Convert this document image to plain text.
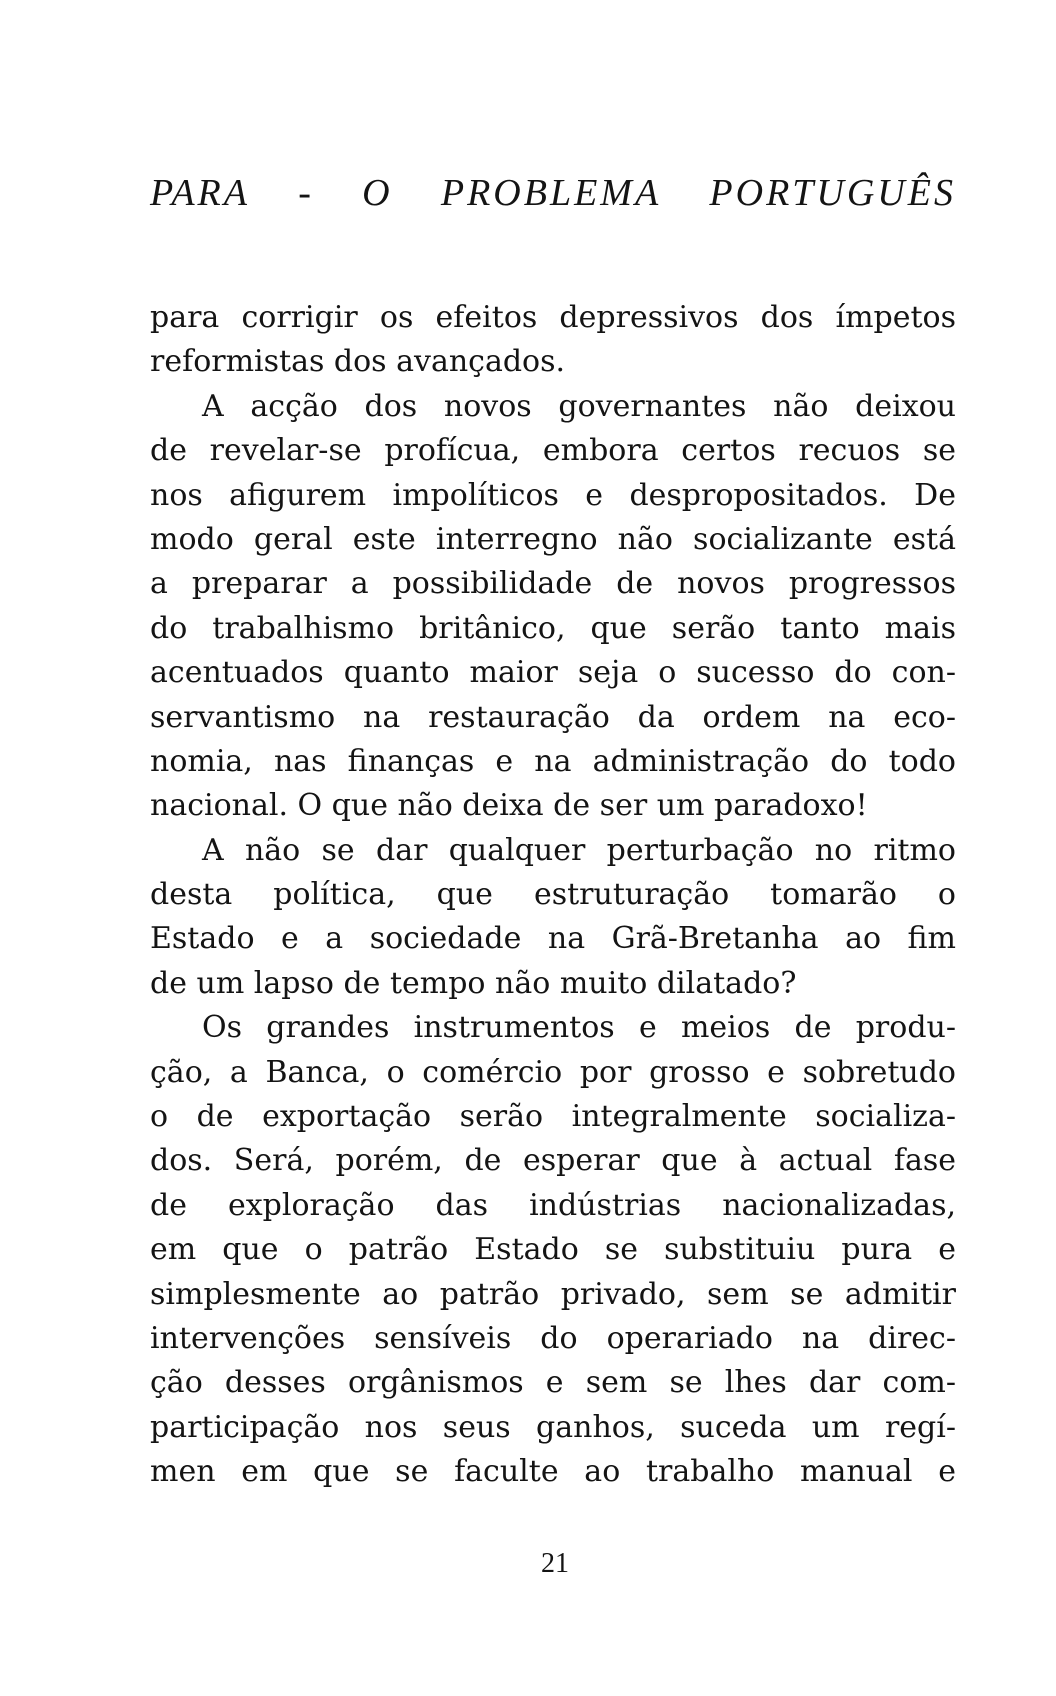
PARA - O PROBLEMA PORTUGUÊS
para corrigir os efeitos depressivos dos ímpetos
reformistas dos avançados.
A acção dos novos governantes não deixou
de revelar-se profícua, embora certos recuos se
nos afigurem impolíticos e despropositados. De
modo geral este interregno não socializante está
a preparar a possibilidade de novos progressos
do trabalhismo britânico, que serão tanto mais
acentuados quanto maior seja o sucesso do con-
servantismo na restauração da ordem na eco-
nomia, nas finanças e na administração do todo
nacional. O que não deixa de ser um paradoxo!
A não se dar qualquer perturbação no ritmo
desta política, que estruturação tomarão o
Estado e a sociedade na Grã-Bretanha ao fim
de um lapso de tempo não muito dilatado?
Os grandes instrumentos e meios de produ-
ção, a Banca, o comércio por grosso e sobretudo
o de exportação serão integralmente socializa-
dos. Será, porém, de esperar que à actual fase
de exploração das indústrias nacionalizadas,
em que o patrão Estado se substituiu pura e
simplesmente ao patrão privado, sem se admitir
intervenções sensíveis do operariado na direc-
ção desses orgânismos e sem se lhes dar com-
participação nos seus ganhos, suceda um regí-
men em que se faculte ao trabalho manual e
21
